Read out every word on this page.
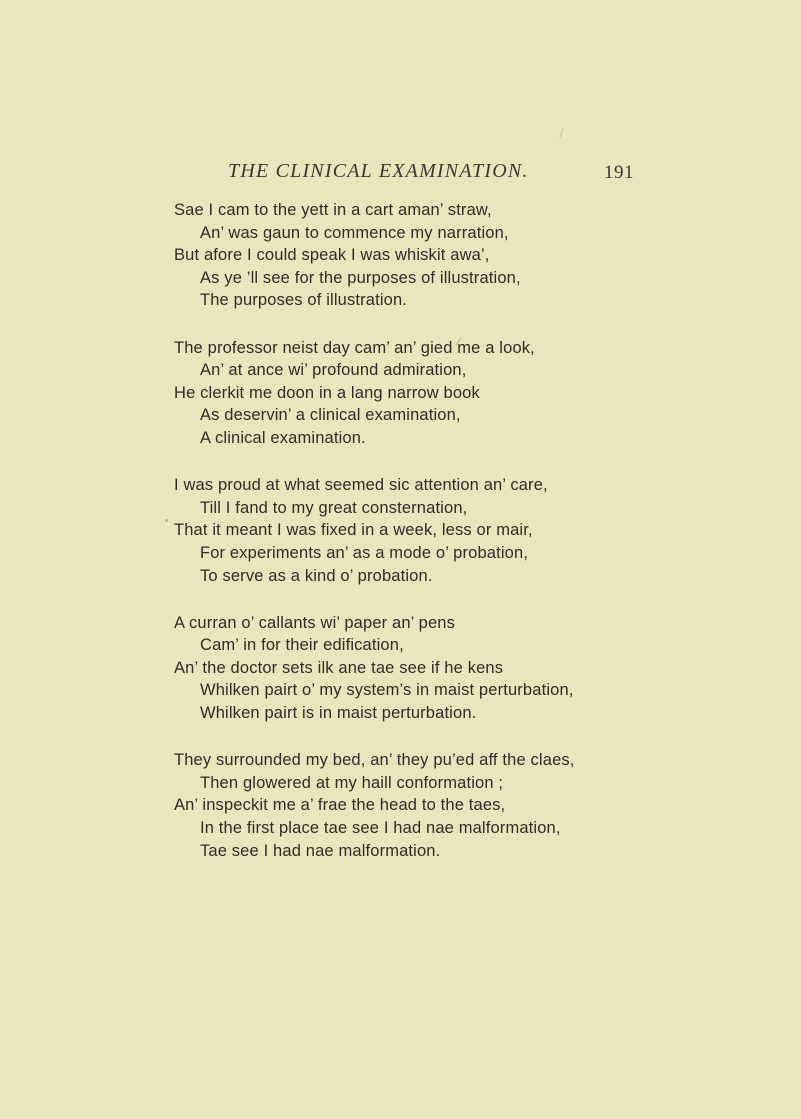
THE CLINICAL EXAMINATION.	191
Sae I cam to the yett in a cart aman’ straw,
An’ was gaun to commence my narration,
But afore I could speak I was whiskit awa’,
As ye ’ll see for the purposes of illustration,
The purposes of illustration.
The professor neist day cam’ an’ gied me a look,
An’ at ance wi’ profound admiration,
He clerkit me doon in a lang narrow book
As deservin’ a clinical examination,
A clinical examination.
I was proud at what seemed sic attention an’ care,
Till I fand to my great consternation,
That it meant I was fixed in a week, less or mair,
For experiments an’ as a mode o’ probation,
To serve as a kind o’ probation.
A curran o’ callants wi’ paper an’ pens
Cam’ in for their edification,
An’ the doctor sets ilk ane tae see if he kens
Whilken pairt o’ my system’s in maist perturbation,
Whilken pairt is in maist perturbation.
They surrounded my bed, an’ they pu’ed aff the claes,
Then glowered at my haill conformation ;
An’ inspeckit me a’ frae the head to the taes,
In the first place tae see I had nae malformation,
Tae see I had nae malformation.
